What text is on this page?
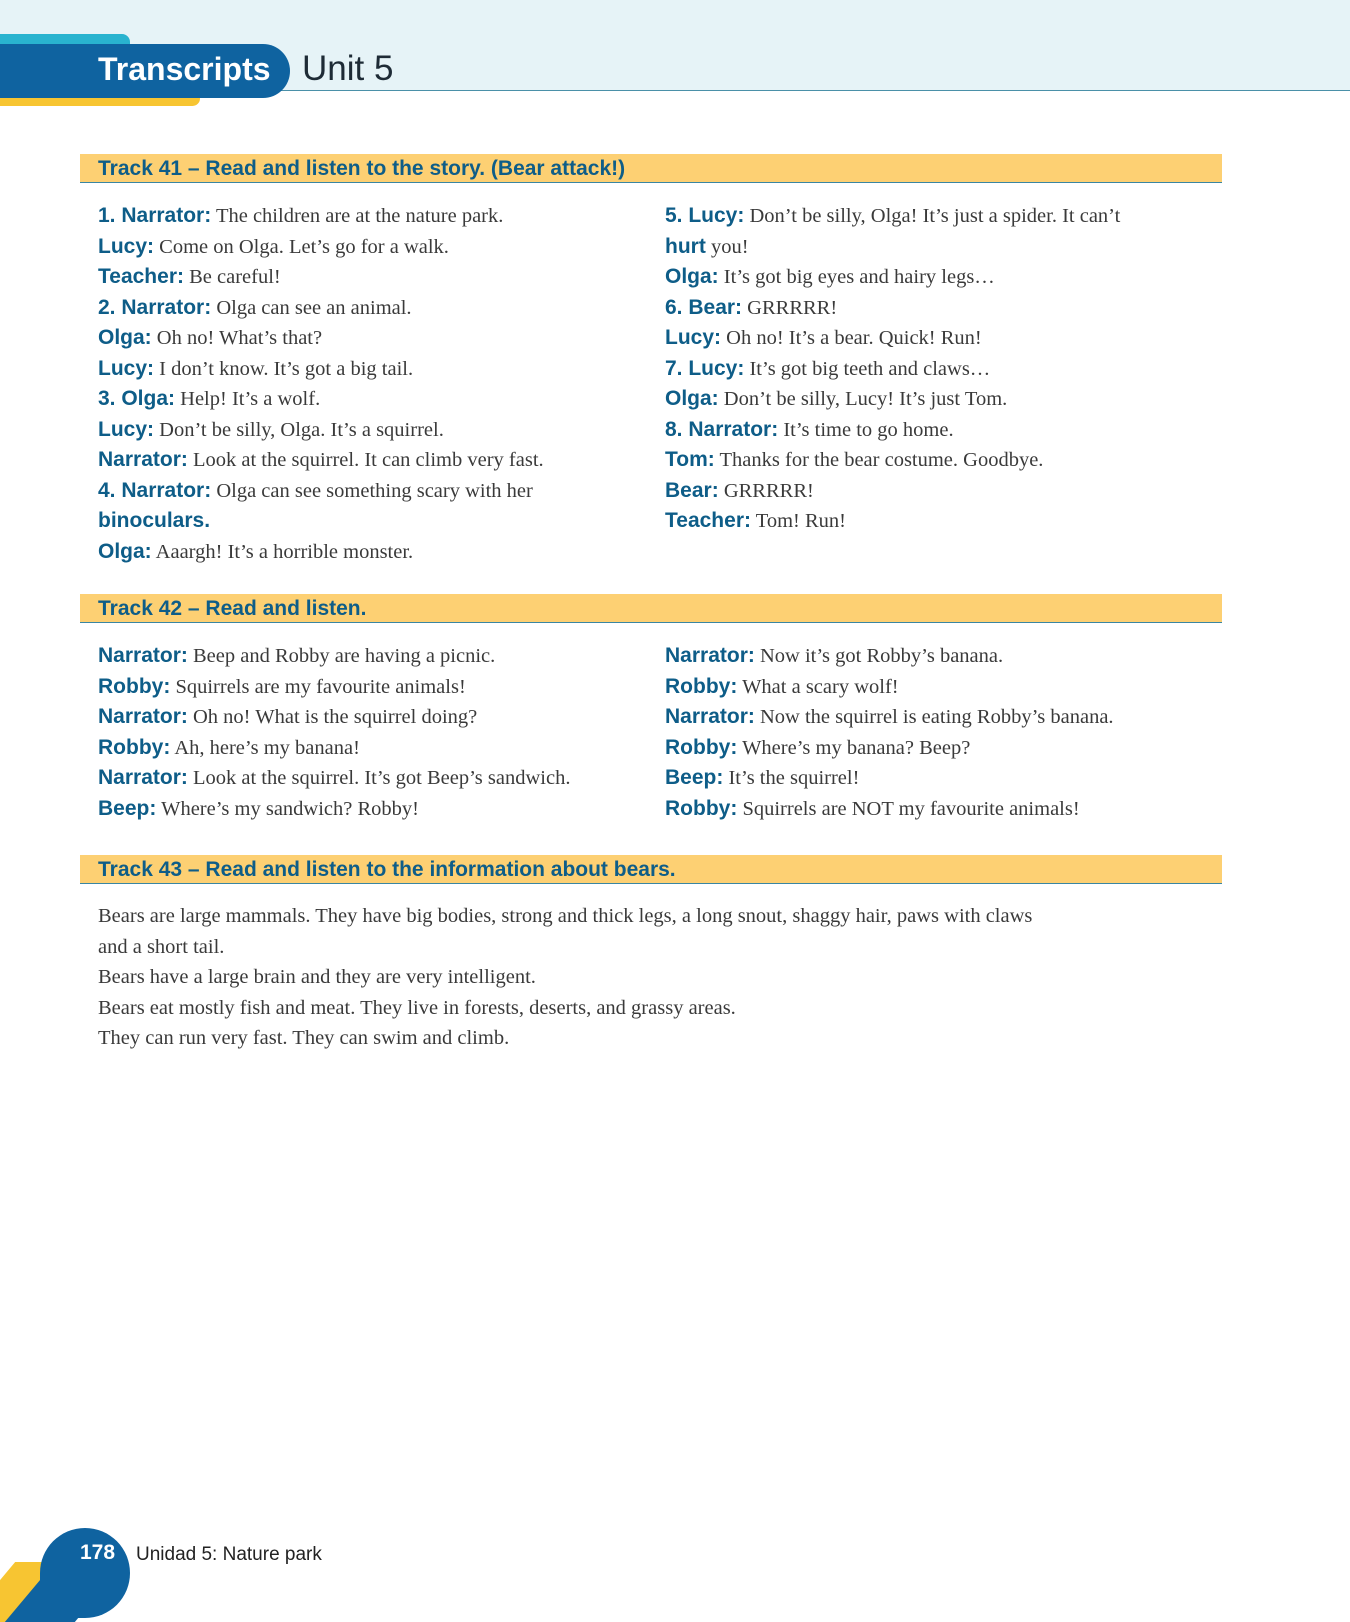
Transcripts Unit 5
Track 41 – Read and listen to the story. (Bear attack!)
1. Narrator: The children are at the nature park.
Lucy: Come on Olga. Let’s go for a walk.
Teacher: Be careful!
2. Narrator: Olga can see an animal.
Olga: Oh no! What’s that?
Lucy: I don’t know. It’s got a big tail.
3. Olga: Help! It’s a wolf.
Lucy: Don’t be silly, Olga. It’s a squirrel.
Narrator: Look at the squirrel. It can climb very fast.
4. Narrator: Olga can see something scary with her
binoculars.
Olga: Aaargh! It’s a horrible monster.
5. Lucy: Don’t be silly, Olga! It’s just a spider. It can’t
hurt you!
Olga: It’s got big eyes and hairy legs…
6. Bear: GRRRRR!
Lucy: Oh no! It’s a bear. Quick! Run!
7. Lucy: It’s got big teeth and claws…
Olga: Don’t be silly, Lucy! It’s just Tom.
8. Narrator: It’s time to go home.
Tom: Thanks for the bear costume. Goodbye.
Bear: GRRRRR!
Teacher: Tom! Run!
Track 42 – Read and listen.
Narrator: Beep and Robby are having a picnic.
Robby: Squirrels are my favourite animals!
Narrator: Oh no! What is the squirrel doing?
Robby: Ah, here’s my banana!
Narrator: Look at the squirrel. It’s got Beep’s sandwich.
Beep: Where’s my sandwich? Robby!
Narrator: Now it’s got Robby’s banana.
Robby: What a scary wolf!
Narrator: Now the squirrel is eating Robby’s banana.
Robby: Where’s my banana? Beep?
Beep: It’s the squirrel!
Robby: Squirrels are NOT my favourite animals!
Track 43 – Read and listen to the information about bears.
Bears are large mammals. They have big bodies, strong and thick legs, a long snout, shaggy hair, paws with claws
and a short tail.
Bears have a large brain and they are very intelligent.
Bears eat mostly fish and meat. They live in forests, deserts, and grassy areas.
They can run very fast. They can swim and climb.
178 Unidad 5: Nature park
